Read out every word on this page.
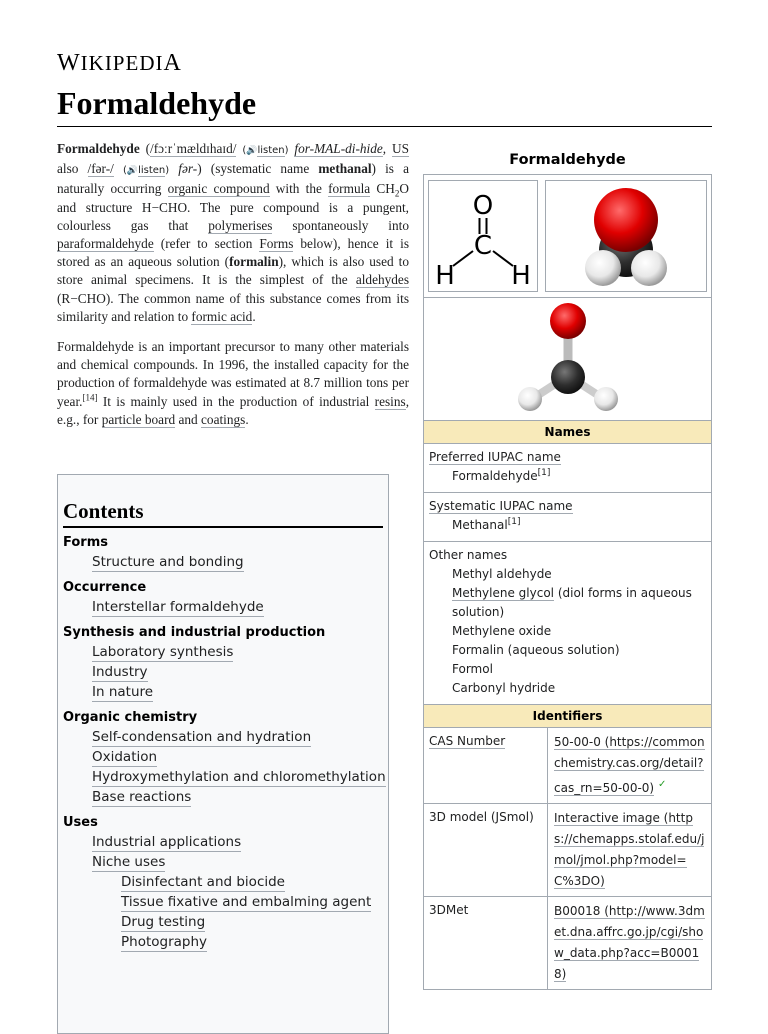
WIKIPEDIA
Formaldehyde

Formaldehyde (/fɔːrˈmældɪhaɪd/ (🔊listen) for-MAL-di-hide, US also /fər-/ (🔊listen) fər-) (systematic name methanal) is a naturally occurring organic compound with the formula $CH_2O$ and structure H−CHO. The pure compound is a pungent, colourless gas that polymerises spontaneously into paraformaldehyde (refer to section Forms below), hence it is stored as an aqueous solution (formalin), which is also used to store animal specimens. It is the simplest of the aldehydes (R−CHO). The common name of this substance comes from its similarity and relation to formic acid.

Formaldehyde is an important precursor to many other materials and chemical compounds. In 1996, the installed capacity for the production of formaldehyde was estimated at 8.7 million tons per year.[14] It is mainly used in the production of industrial resins, e.g., for particle board and coatings.

Contents
Forms
Structure and bonding
Occurrence
Interstellar formaldehyde
Synthesis and industrial production
Laboratory synthesis
Industry
In nature
Organic chemistry
Self-condensation and hydration
Oxidation
Hydroxymethylation and chloromethylation
Base reactions
Uses
Industrial applications
Niche uses
Disinfectant and biocide
Tissue fixative and embalming agent
Drug testing
Photography
Formaldehyde
O
C
H H
Names
Preferred IUPAC name
Formaldehyde[1]
Systematic IUPAC name
Methanal[1]
Other names
Methyl aldehyde
Methylene glycol (diol forms in aqueous solution)
Methylene oxide
Formalin (aqueous solution)
Formol
Carbonyl hydride
Identifiers
CAS Number	50-00-0 (https://commonchemistry.cas.org/detail?cas_rn=50-00-0) ✓
3D model (JSmol)	Interactive image (https://chemapps.stolaf.edu/jmol/jmol.php?model=C%3DO)
3DMet	B00018 (http://www.3dmet.dna.affrc.go.jp/cgi/show_data.php?acc=B00018)
